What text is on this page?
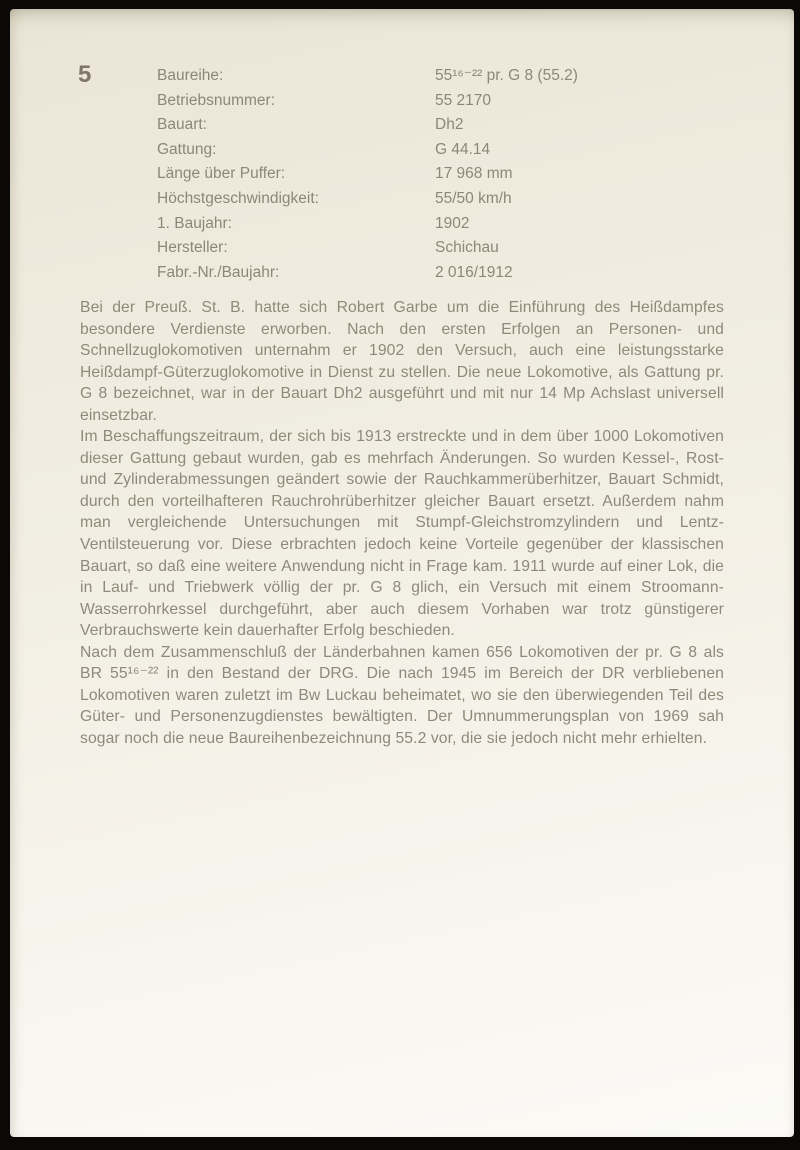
5	Baureihe:	55¹⁶⁻²² pr. G 8 (55.2)
Betriebsnummer:	55 2170
Bauart:	Dh2
Gattung:	G 44.14
Länge über Puffer:	17 968 mm
Höchstgeschwindigkeit:	55/50 km/h
1. Baujahr:	1902
Hersteller:	Schichau
Fabr.-Nr./Baujahr:	2 016/1912

Bei der Preuß. St. B. hatte sich Robert Garbe um die Einführung des Heißdampfes besondere Verdienste erworben. Nach den ersten Erfolgen an Personen- und Schnellzuglokomotiven unternahm er 1902 den Versuch, auch eine leistungsstarke Heißdampf-Güterzuglokomotive in Dienst zu stellen. Die neue Lokomotive, als Gattung pr. G 8 bezeichnet, war in der Bauart Dh2 ausgeführt und mit nur 14 Mp Achslast universell einsetzbar.

Im Beschaffungszeitraum, der sich bis 1913 erstreckte und in dem über 1000 Lokomotiven dieser Gattung gebaut wurden, gab es mehrfach Änderungen. So wurden Kessel-, Rost- und Zylinderabmessungen geändert sowie der Rauchkammerüberhitzer, Bauart Schmidt, durch den vorteilhafteren Rauchrohrüberhitzer gleicher Bauart ersetzt. Außerdem nahm man vergleichende Untersuchungen mit Stumpf-Gleichstromzylindern und Lentz-Ventilsteuerung vor. Diese erbrachten jedoch keine Vorteile gegenüber der klassischen Bauart, so daß eine weitere Anwendung nicht in Frage kam. 1911 wurde auf einer Lok, die in Lauf- und Triebwerk völlig der pr. G 8 glich, ein Versuch mit einem Stroomann-Wasserrohrkessel durchgeführt, aber auch diesem Vorhaben war trotz günstigerer Verbrauchswerte kein dauerhafter Erfolg beschieden.

Nach dem Zusammenschluß der Länderbahnen kamen 656 Lokomotiven der pr. G 8 als BR 55¹⁶⁻²² in den Bestand der DRG. Die nach 1945 im Bereich der DR verbliebenen Lokomotiven waren zuletzt im Bw Luckau beheimatet, wo sie den überwiegenden Teil des Güter- und Personenzugdienstes bewältigten. Der Umnummerungsplan von 1969 sah sogar noch die neue Baureihenbezeichnung 55.2 vor, die sie jedoch nicht mehr erhielten.
